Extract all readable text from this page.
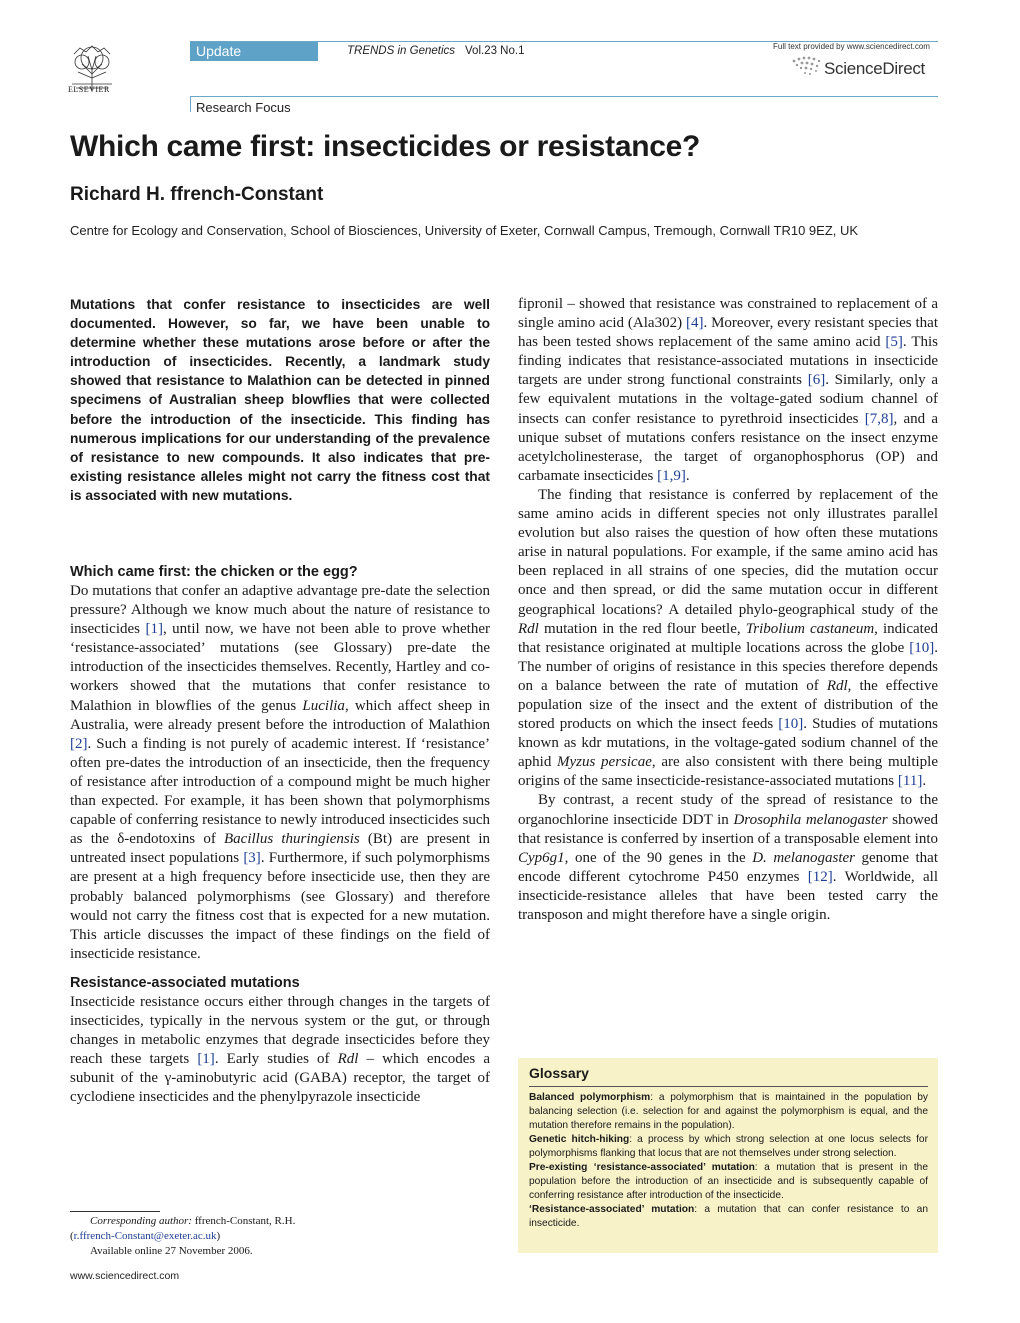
ELSEVIER
Update	TRENDS in Genetics Vol.23 No.1	Full text provided by www.sciencedirect.com
ScienceDirect
Research Focus
Which came first: insecticides or resistance?
Richard H. ffrench-Constant
Centre for Ecology and Conservation, School of Biosciences, University of Exeter, Cornwall Campus, Tremough, Cornwall TR10 9EZ, UK
Mutations that confer resistance to insecticides are well documented. However, so far, we have been unable to determine whether these mutations arose before or after the introduction of insecticides. Recently, a landmark study showed that resistance to Malathion can be detected in pinned specimens of Australian sheep blowflies that were collected before the introduction of the insecticide. This finding has numerous implications for our understanding of the prevalence of resistance to new compounds. It also indicates that pre-existing resistance alleles might not carry the fitness cost that is associated with new mutations.
Which came first: the chicken or the egg?

Do mutations that confer an adaptive advantage pre-date the selection pressure? Although we know much about the nature of resistance to insecticides [1], until now, we have not been able to prove whether ‘resistance-associated’ mutations (see Glossary) pre-date the introduction of the insecticides themselves. Recently, Hartley and co-workers showed that the mutations that confer resistance to Malathion in blowflies of the genus Lucilia, which affect sheep in Australia, were already present before the introduction of Malathion [2]. Such a finding is not purely of academic interest. If ‘resistance’ often pre-dates the introduction of an insecticide, then the frequency of resistance after introduction of a compound might be much higher than expected. For example, it has been shown that polymorphisms capable of conferring resistance to newly introduced insecticides such as the δ-endotoxins of Bacillus thuringiensis (Bt) are present in untreated insect populations [3]. Furthermore, if such polymorphisms are present at a high frequency before insecticide use, then they are probably balanced polymorphisms (see Glossary) and therefore would not carry the fitness cost that is expected for a new mutation. This article discusses the impact of these findings on the field of insecticide resistance.

Resistance-associated mutations

Insecticide resistance occurs either through changes in the targets of insecticides, typically in the nervous system or the gut, or through changes in metabolic enzymes that degrade insecticides before they reach these targets [1]. Early studies of Rdl – which encodes a subunit of the γ-aminobutyric acid (GABA) receptor, the target of cyclodiene insecticides and the phenylpyrazole insecticide

Corresponding author: ffrench-Constant, R.H.
(r.ffrench-Constant@exeter.ac.uk)
Available online 27 November 2006.
www.sciencedirect.com

fipronil – showed that resistance was constrained to replacement of a single amino acid (Ala302) [4]. Moreover, every resistant species that has been tested shows replacement of the same amino acid [5]. This finding indicates that resistance-associated mutations in insecticide targets are under strong functional constraints [6]. Similarly, only a few equivalent mutations in the voltage-gated sodium channel of insects can confer resistance to pyrethroid insecticides [7,8], and a unique subset of mutations confers resistance on the insect enzyme acetylcholinesterase, the target of organophosphorus (OP) and carbamate insecticides [1,9].

The finding that resistance is conferred by replacement of the same amino acids in different species not only illustrates parallel evolution but also raises the question of how often these mutations arise in natural populations. For example, if the same amino acid has been replaced in all strains of one species, did the mutation occur once and then spread, or did the same mutation occur in different geographical locations? A detailed phylo-geographical study of the Rdl mutation in the red flour beetle, Tribolium castaneum, indicated that resistance originated at multiple locations across the globe [10]. The number of origins of resistance in this species therefore depends on a balance between the rate of mutation of Rdl, the effective population size of the insect and the extent of distribution of the stored products on which the insect feeds [10]. Studies of mutations known as kdr mutations, in the voltage-gated sodium channel of the aphid Myzus persicae, are also consistent with there being multiple origins of the same insecticide-resistance-associated mutations [11].

By contrast, a recent study of the spread of resistance to the organochlorine insecticide DDT in Drosophila melanogaster showed that resistance is conferred by insertion of a transposable element into Cyp6g1, one of the 90 genes in the D. melanogaster genome that encode different cytochrome P450 enzymes [12]. Worldwide, all insecticide-resistance alleles that have been tested carry the transposon and might therefore have a single origin.

Glossary
Balanced polymorphism: a polymorphism that is maintained in the population by balancing selection (i.e. selection for and against the polymorphism is equal, and the mutation therefore remains in the population).
Genetic hitch-hiking: a process by which strong selection at one locus selects for polymorphisms flanking that locus that are not themselves under strong selection.
Pre-existing ‘resistance-associated’ mutation: a mutation that is present in the population before the introduction of an insecticide and is subsequently capable of conferring resistance after introduction of the insecticide.
‘Resistance-associated’ mutation: a mutation that can confer resistance to an insecticide.
